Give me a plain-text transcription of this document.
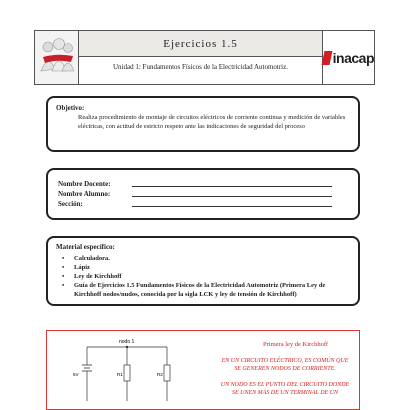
Ejercicios 1.5
Unidad 1: Fundamentos Físicos de la Electricidad Automotriz.
inacap
Objetivo:
Realiza procedimiento de montaje de circuitos eléctricos de corriente continua y medición de variables eléctricas, con actitud de estricto respeto ante las indicaciones de seguridad del proceso
Nombre Docente:
Nombre Alumno:
Sección:
Material específico:
• Calculadora.
• Lápiz
• Ley de Kirchhoff
• Guía de Ejercicios 1.5 Fundamentos Físicos de la Electricidad Automotriz (Primera Ley de Kirchhoff nodos/nudos, conocida por la sigla LCK y ley de tensión de Kirchhoff)
nodo 1
6V	R1	R2
Primera ley de Kirchhoff
EN UN CIRCUITO ELÉCTRICO, ES COMÚN QUE
SE GENEREN NODOS DE CORRIENTE.
UN NODO ES EL PUNTO DEL CIRCUITO DONDE
SE UNEN MÁS DE UN TERMINAL DE UN
